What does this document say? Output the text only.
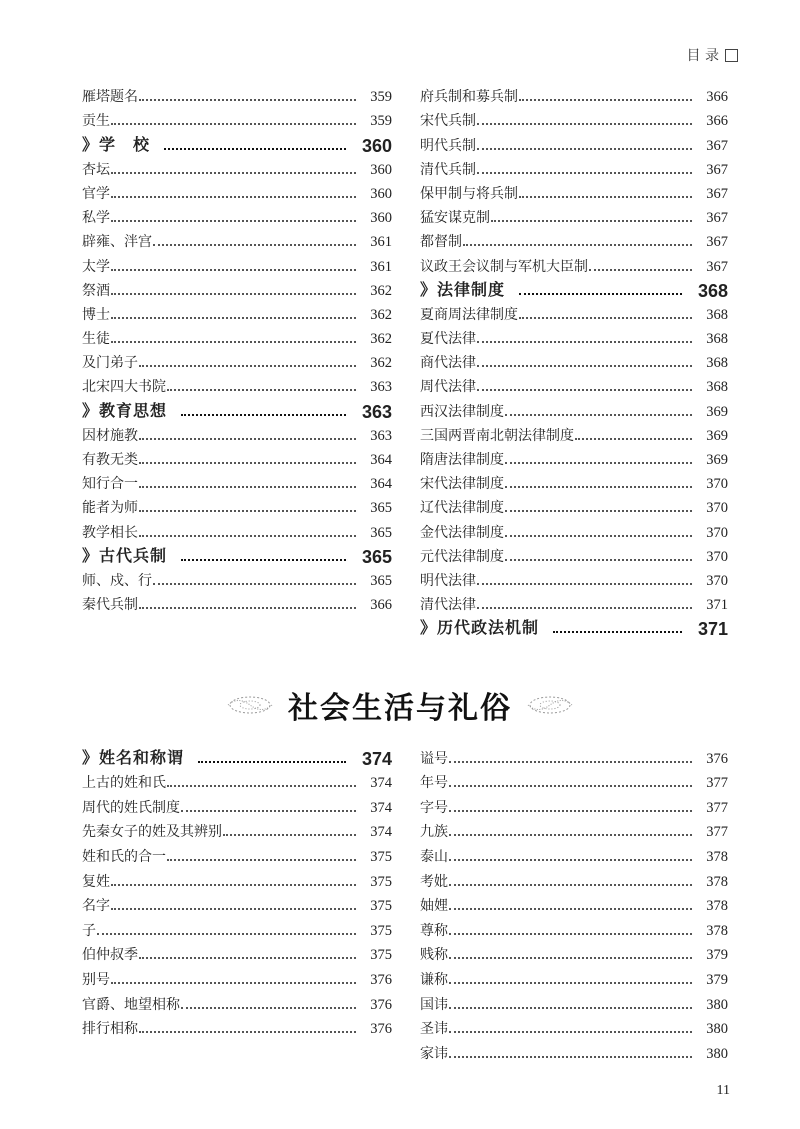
目 录
雁塔题名	359
贡生	359
》学　校	360
杏坛	360
官学	360
私学	360
辟雍、泮宫	361
太学	361
祭酒	362
博士	362
生徒	362
及门弟子	362
北宋四大书院	363
》教育思想	363
因材施教	363
有教无类	364
知行合一	364
能者为师	365
教学相长	365
》古代兵制	365
师、戍、行	365
秦代兵制	366
府兵制和募兵制	366
宋代兵制	366
明代兵制	367
清代兵制	367
保甲制与将兵制	367
猛安谋克制	367
都督制	367
议政王会议制与军机大臣制	367
》法律制度	368
夏商周法律制度	368
夏代法律	368
商代法律	368
周代法律	368
西汉法律制度	369
三国两晋南北朝法律制度	369
隋唐法律制度	369
宋代法律制度	370
辽代法律制度	370
金代法律制度	370
元代法律制度	370
明代法律	370
清代法律	371
》历代政法机制	371
社会生活与礼俗
》姓名和称谓	374
上古的姓和氏	374
周代的姓氏制度	374
先秦女子的姓及其辨别	374
姓和氏的合一	375
复姓	375
名字	375
子	375
伯仲叔季	375
别号	376
官爵、地望相称	376
排行相称	376
谥号	376
年号	377
字号	377
九族	377
泰山	378
考妣	378
妯娌	378
尊称	378
贱称	379
谦称	379
国讳	380
圣讳	380
家讳	380
11
